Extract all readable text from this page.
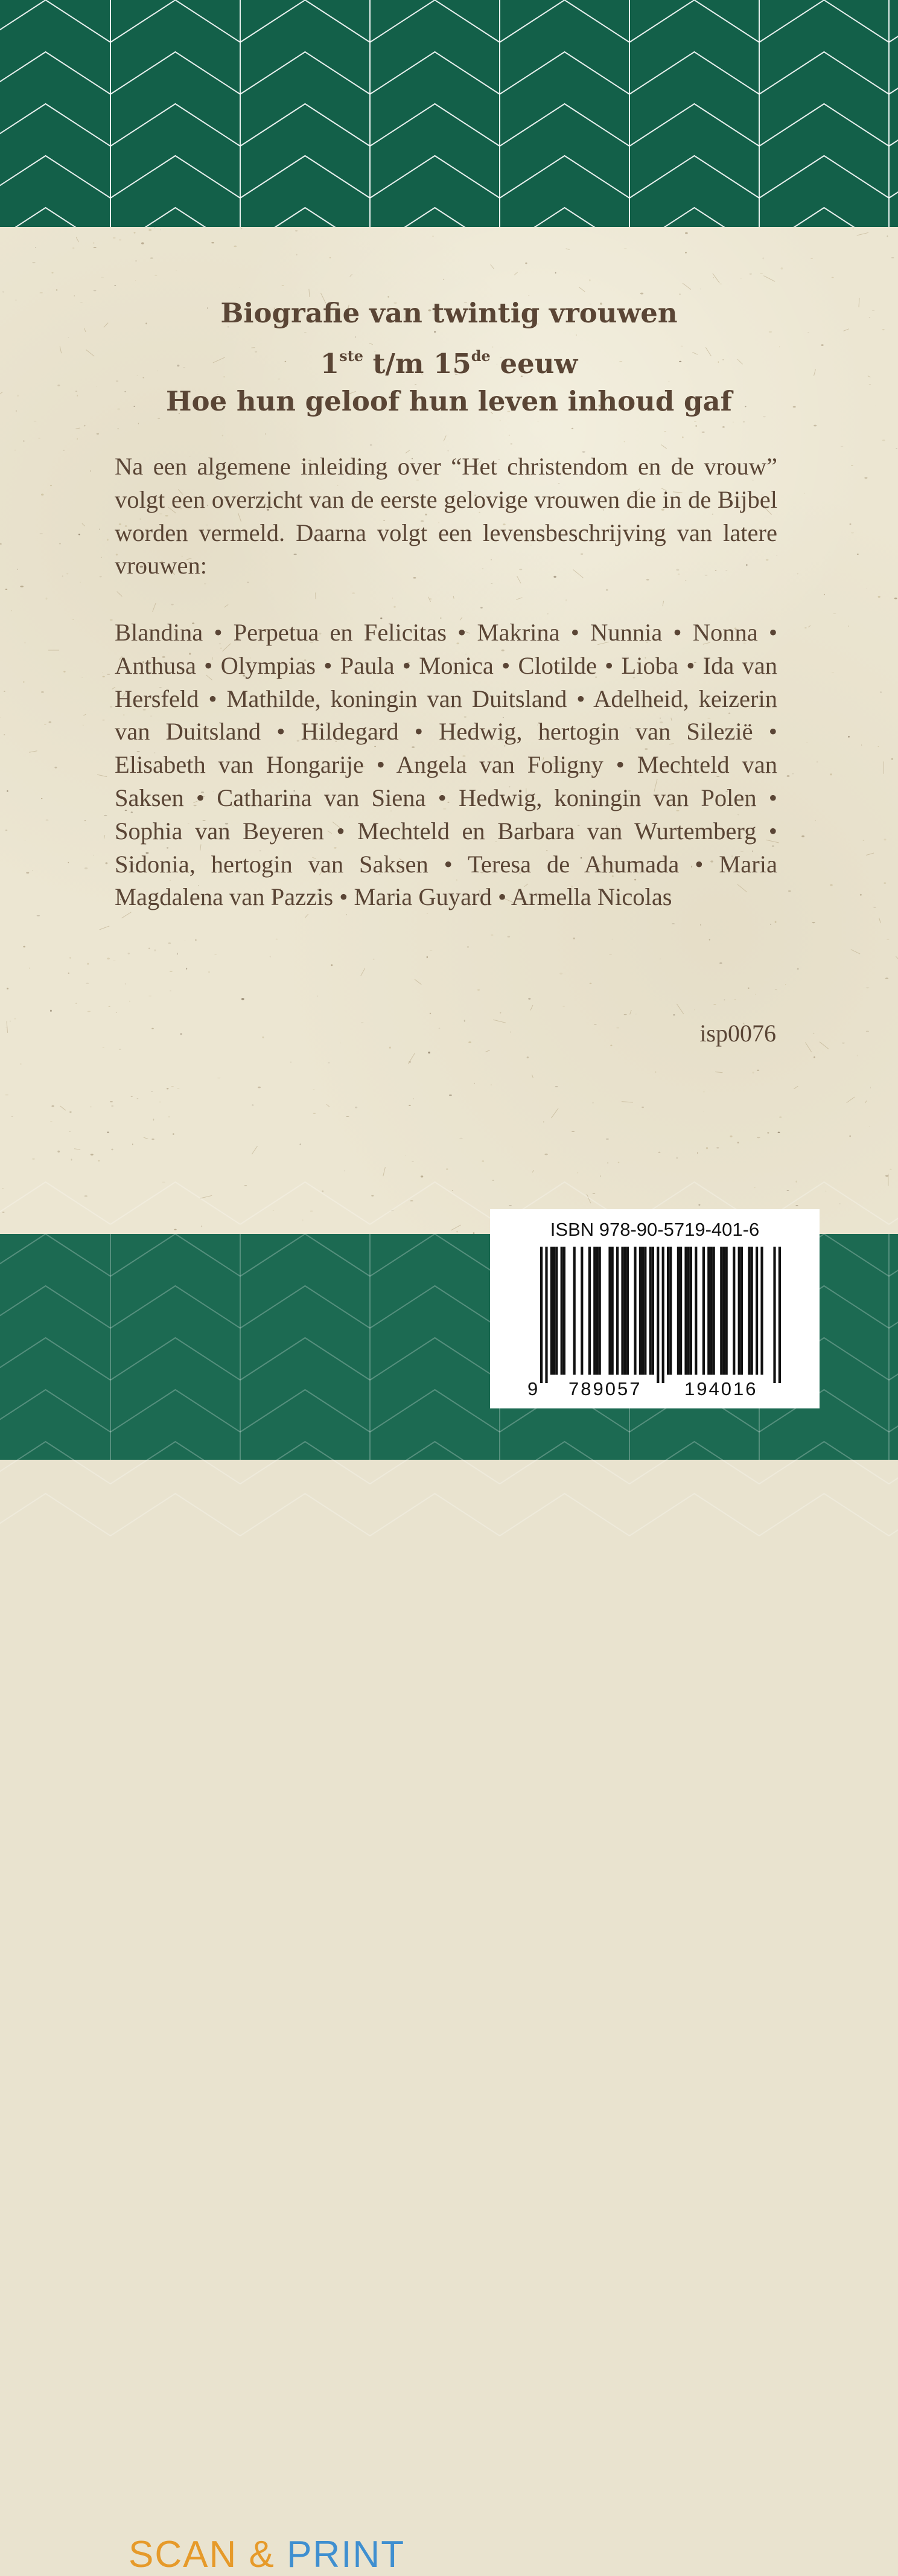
Biografie van twintig vrouwen
1ste t/m 15de eeuw
Hoe hun geloof hun leven inhoud gaf

Na een algemene inleiding over “Het christendom en de vrouw” volgt een overzicht van de eerste gelovige vrouwen die in de Bijbel worden vermeld. Daarna volgt een levensbeschrijving van latere vrouwen:

Blandina • Perpetua en Felicitas • Makrina • Nunnia • Nonna • Anthusa • Olympias • Paula • Monica • Clotilde • Lioba • Ida van Hersfeld • Mathilde, koningin van Duitsland • Adelheid, keizerin van Duitsland • Hildegard • Hedwig, hertogin van Silezië • Elisabeth van Hongarije • Angela van Foligny • Mechteld van Saksen • Catharina van Siena • Hedwig, koningin van Polen • Sophia van Beyeren • Mechteld en Barbara van Wurtemberg • Sidonia, hertogin van Saksen • Teresa de Ahumada • Maria Magdalena van Pazzis • Maria Guyard • Armella Nicolas

isp0076

SCAN & PRINT
ISBN 978-90-5719-401-6
9 789057 194016
